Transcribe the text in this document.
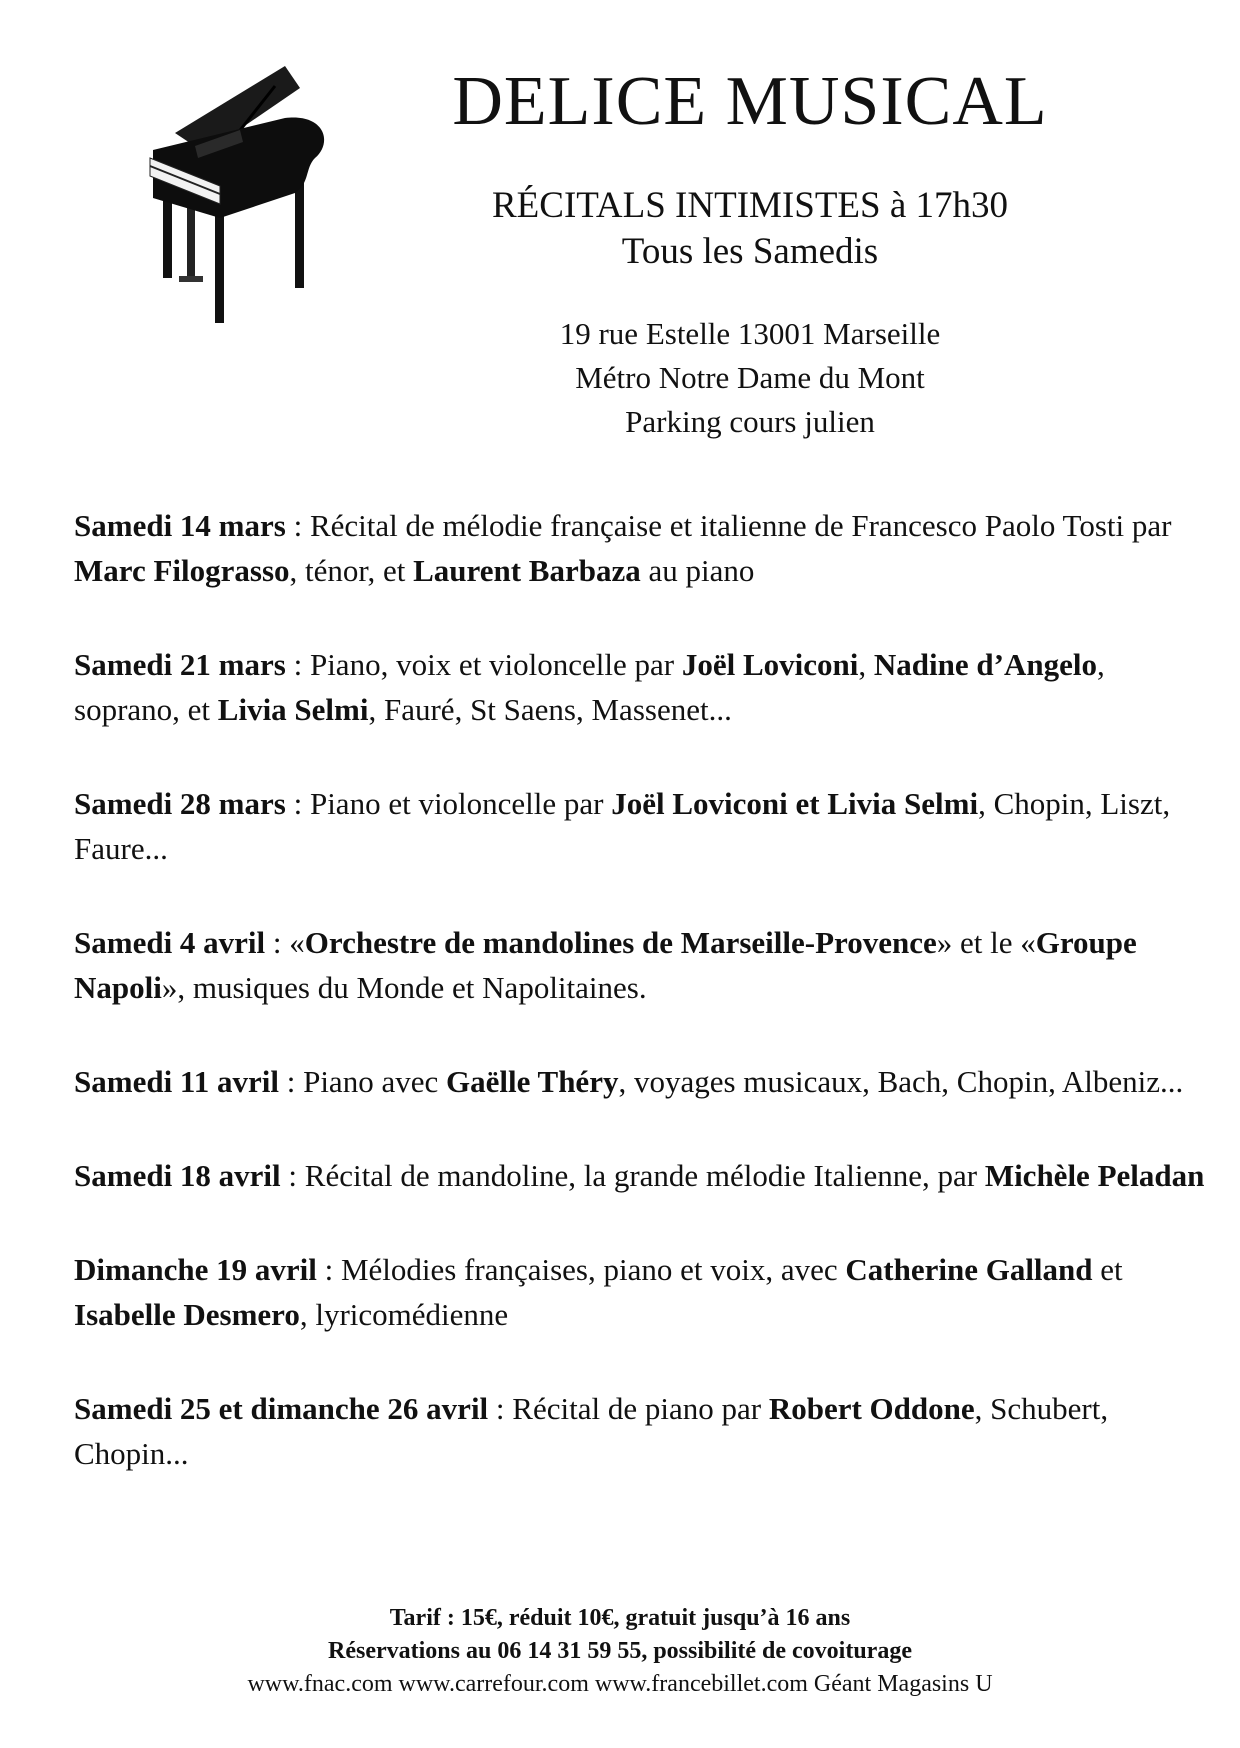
DELICE MUSICAL
RÉCITALS INTIMISTES à 17h30
Tous les Samedis
19 rue Estelle 13001 Marseille
Métro Notre Dame du Mont
Parking cours julien
Samedi 14 mars : Récital de mélodie française et italienne de Francesco Paolo Tosti par Marc Filograsso, ténor, et Laurent Barbaza au piano
Samedi 21 mars : Piano, voix et violoncelle par Joël Loviconi, Nadine d’Angelo, soprano, et Livia Selmi, Fauré, St Saens, Massenet...
Samedi 28 mars : Piano et violoncelle par Joël Loviconi et Livia Selmi, Chopin, Liszt, Faure...
Samedi 4 avril : «Orchestre de mandolines de Marseille-Provence» et le «Groupe Napoli», musiques du Monde et Napolitaines.
Samedi 11 avril : Piano avec Gaëlle Théry, voyages musicaux, Bach, Chopin, Albeniz...
Samedi 18 avril : Récital de mandoline, la grande mélodie Italienne, par Michèle Peladan
Dimanche 19 avril : Mélodies françaises, piano et voix, avec Catherine Galland et Isabelle Desmero, lyricomédienne
Samedi 25 et dimanche 26 avril : Récital de piano par Robert Oddone, Schubert, Chopin...
Tarif : 15€, réduit 10€, gratuit jusqu’à 16 ans
Réservations au 06 14 31 59 55, possibilité de covoiturage
www.fnac.com www.carrefour.com www.francebillet.com Géant Magasins U
